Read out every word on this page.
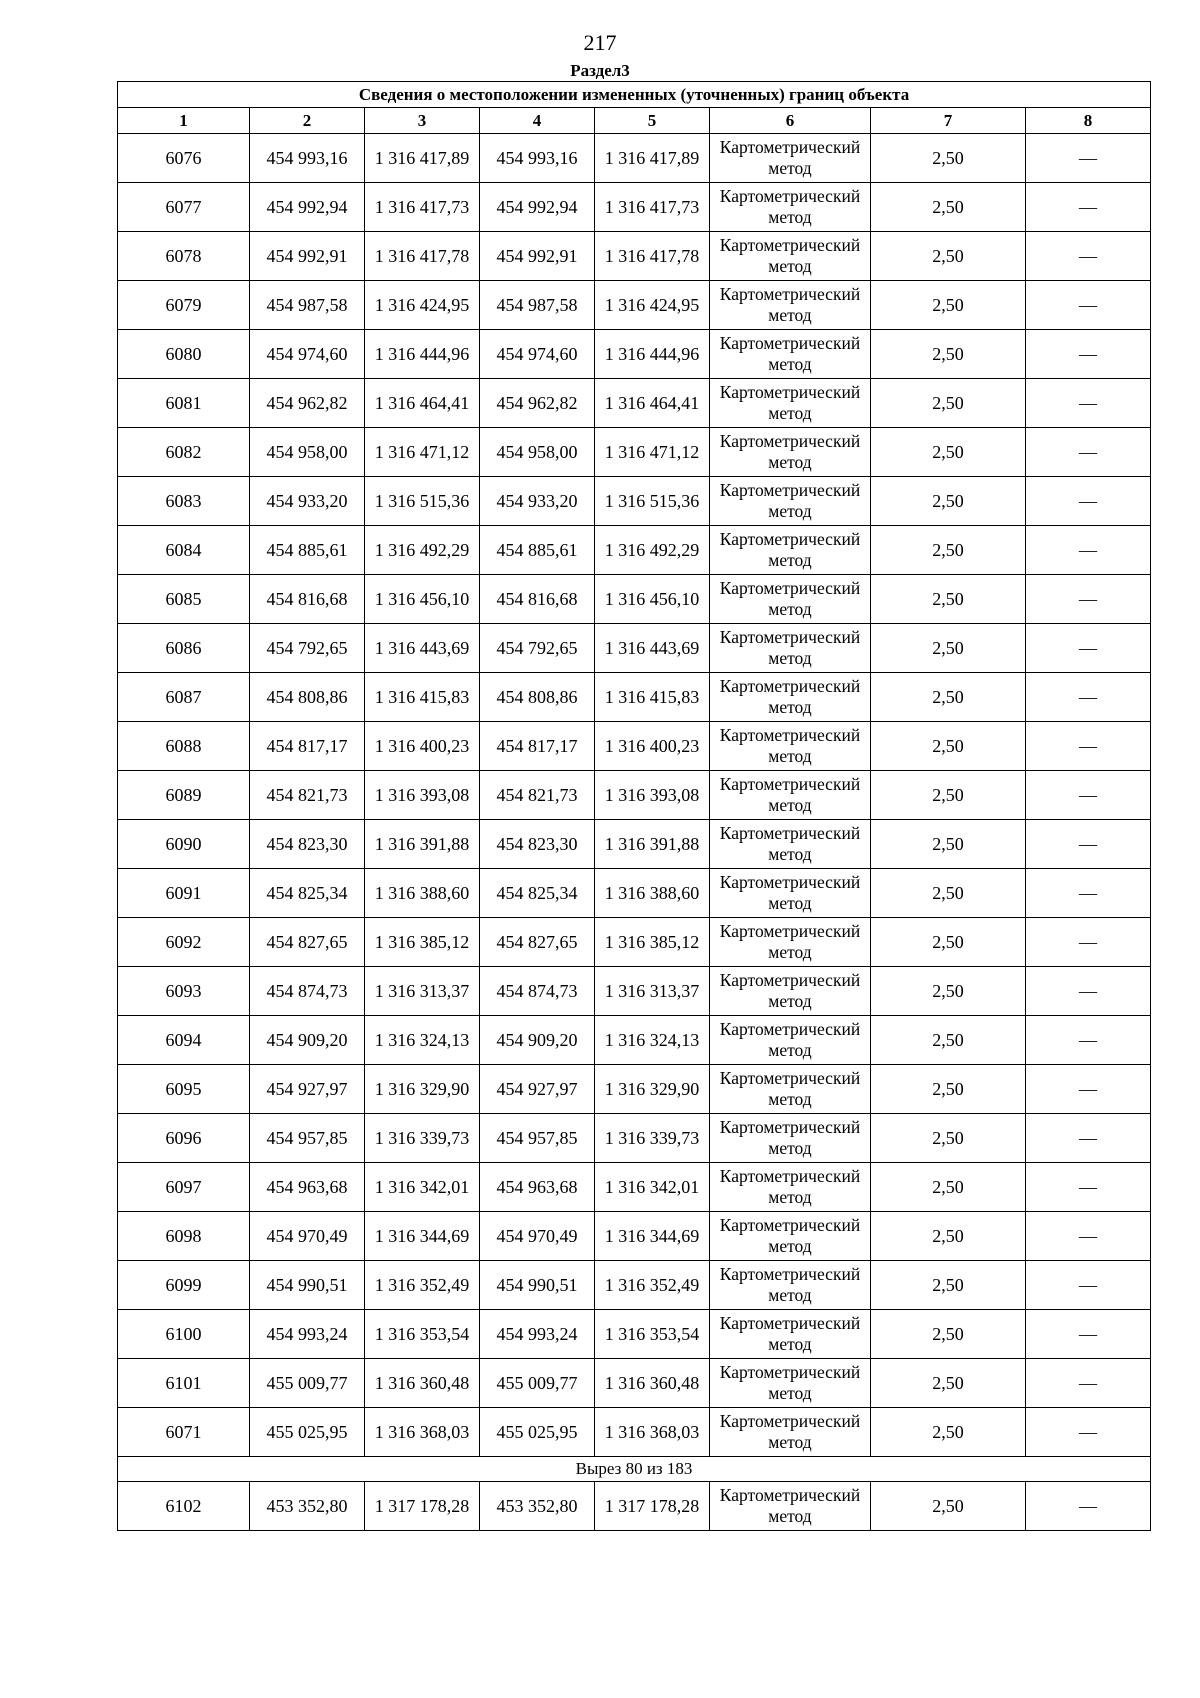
217
Раздел3
Сведения о местоположении измененных (уточненных) границ объекта							
1	2	3	4	5	6	7	8
6076	454 993,16	1 316 417,89	454 993,16	1 316 417,89	Картометрический метод	2,50	—
6077	454 992,94	1 316 417,73	454 992,94	1 316 417,73	Картометрический метод	2,50	—
6078	454 992,91	1 316 417,78	454 992,91	1 316 417,78	Картометрический метод	2,50	—
6079	454 987,58	1 316 424,95	454 987,58	1 316 424,95	Картометрический метод	2,50	—
6080	454 974,60	1 316 444,96	454 974,60	1 316 444,96	Картометрический метод	2,50	—
6081	454 962,82	1 316 464,41	454 962,82	1 316 464,41	Картометрический метод	2,50	—
6082	454 958,00	1 316 471,12	454 958,00	1 316 471,12	Картометрический метод	2,50	—
6083	454 933,20	1 316 515,36	454 933,20	1 316 515,36	Картометрический метод	2,50	—
6084	454 885,61	1 316 492,29	454 885,61	1 316 492,29	Картометрический метод	2,50	—
6085	454 816,68	1 316 456,10	454 816,68	1 316 456,10	Картометрический метод	2,50	—
6086	454 792,65	1 316 443,69	454 792,65	1 316 443,69	Картометрический метод	2,50	—
6087	454 808,86	1 316 415,83	454 808,86	1 316 415,83	Картометрический метод	2,50	—
6088	454 817,17	1 316 400,23	454 817,17	1 316 400,23	Картометрический метод	2,50	—
6089	454 821,73	1 316 393,08	454 821,73	1 316 393,08	Картометрический метод	2,50	—
6090	454 823,30	1 316 391,88	454 823,30	1 316 391,88	Картометрический метод	2,50	—
6091	454 825,34	1 316 388,60	454 825,34	1 316 388,60	Картометрический метод	2,50	—
6092	454 827,65	1 316 385,12	454 827,65	1 316 385,12	Картометрический метод	2,50	—
6093	454 874,73	1 316 313,37	454 874,73	1 316 313,37	Картометрический метод	2,50	—
6094	454 909,20	1 316 324,13	454 909,20	1 316 324,13	Картометрический метод	2,50	—
6095	454 927,97	1 316 329,90	454 927,97	1 316 329,90	Картометрический метод	2,50	—
6096	454 957,85	1 316 339,73	454 957,85	1 316 339,73	Картометрический метод	2,50	—
6097	454 963,68	1 316 342,01	454 963,68	1 316 342,01	Картометрический метод	2,50	—
6098	454 970,49	1 316 344,69	454 970,49	1 316 344,69	Картометрический метод	2,50	—
6099	454 990,51	1 316 352,49	454 990,51	1 316 352,49	Картометрический метод	2,50	—
6100	454 993,24	1 316 353,54	454 993,24	1 316 353,54	Картометрический метод	2,50	—
6101	455 009,77	1 316 360,48	455 009,77	1 316 360,48	Картометрический метод	2,50	—
6071	455 025,95	1 316 368,03	455 025,95	1 316 368,03	Картометрический метод	2,50	—
Вырез 80 из 183							
6102	453 352,80	1 317 178,28	453 352,80	1 317 178,28	Картометрический метод	2,50	—
